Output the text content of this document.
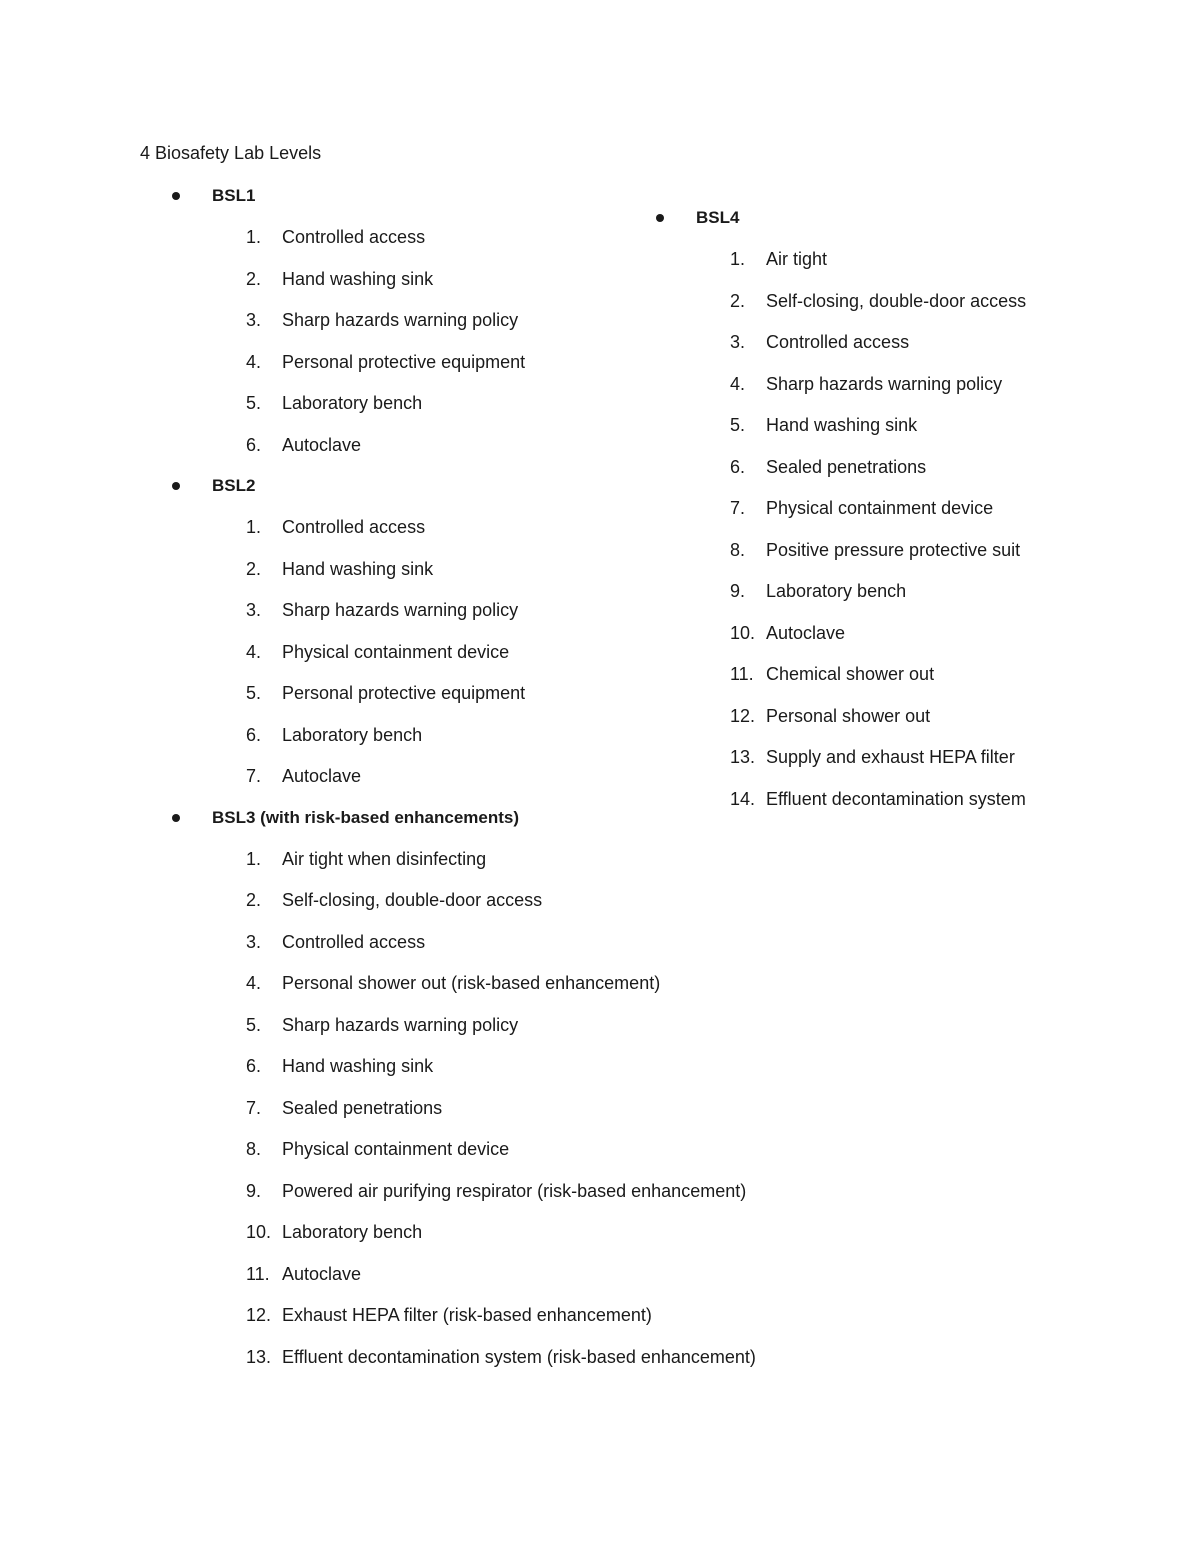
4 Biosafety Lab Levels
BSL1
1. Controlled access
2. Hand washing sink
3. Sharp hazards warning policy
4. Personal protective equipment
5. Laboratory bench
6. Autoclave
BSL2
1. Controlled access
2. Hand washing sink
3. Sharp hazards warning policy
4. Physical containment device
5. Personal protective equipment
6. Laboratory bench
7. Autoclave
BSL3 (with risk-based enhancements)
1. Air tight when disinfecting
2. Self-closing, double-door access
3. Controlled access
4. Personal shower out (risk-based enhancement)
5. Sharp hazards warning policy
6. Hand washing sink
7. Sealed penetrations
8. Physical containment device
9. Powered air purifying respirator (risk-based enhancement)
10. Laboratory bench
11. Autoclave
12. Exhaust HEPA filter (risk-based enhancement)
13. Effluent decontamination system (risk-based enhancement)
BSL4
1. Air tight
2. Self-closing, double-door access
3. Controlled access
4. Sharp hazards warning policy
5. Hand washing sink
6. Sealed penetrations
7. Physical containment device
8. Positive pressure protective suit
9. Laboratory bench
10. Autoclave
11. Chemical shower out
12. Personal shower out
13. Supply and exhaust HEPA filter
14. Effluent decontamination system
